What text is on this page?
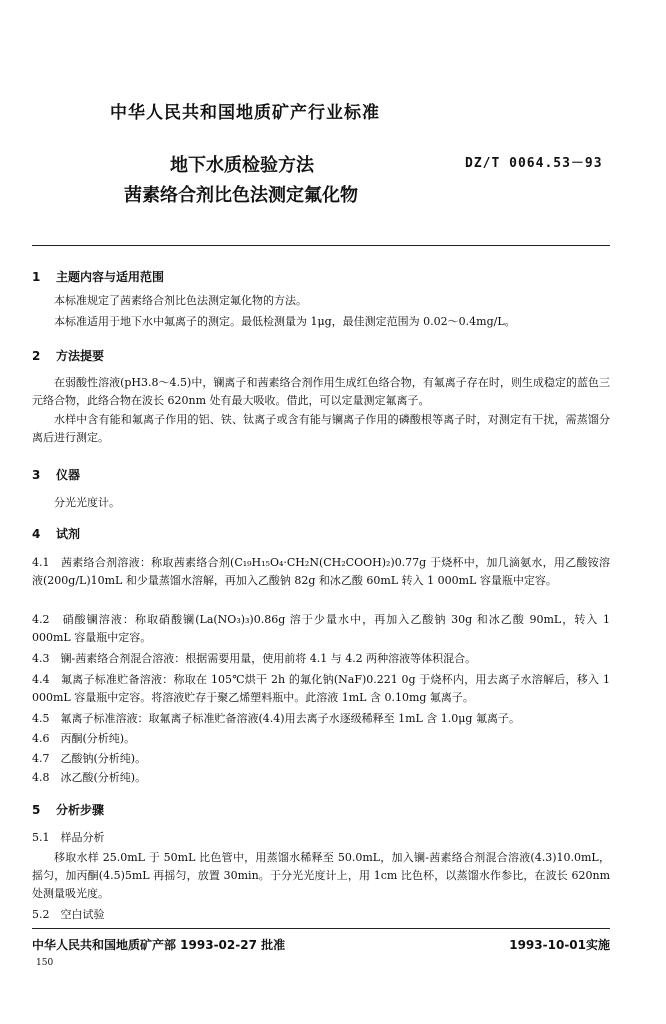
中华人民共和国地质矿产行业标准
地下水质检验方法
茜素络合剂比色法测定氟化物
DZ/T 0064.53－93
1 主题内容与适用范围
本标准规定了茜素络合剂比色法测定氟化物的方法。
本标准适用于地下水中氟离子的测定。最低检测量为 1μg，最佳测定范围为 0.02～0.4mg/L。
2 方法提要
在弱酸性溶液(pH3.8～4.5)中，镧离子和茜素络合剂作用生成红色络合物，有氟离子存在时，则生成稳定的蓝色三元络合物，此络合物在波长 620nm 处有最大吸收。借此，可以定量测定氟离子。
水样中含有能和氟离子作用的铝、铁、钛离子或含有能与镧离子作用的磷酸根等离子时，对测定有干扰，需蒸馏分离后进行测定。
3 仪器
分光光度计。
4 试剂
4.1　茜素络合剂溶液：称取茜素络合剂(C₁₉H₁₅O₄·CH₂N(CH₂COOH)₂)0.77g 于烧杯中，加几滴氨水，用乙酸铵溶液(200g/L)10mL 和少量蒸馏水溶解，再加入乙酸钠 82g 和冰乙酸 60mL 转入 1 000mL 容量瓶中定容。
4.2　硝酸镧溶液：称取硝酸镧(La(NO₃)₃)0.86g 溶于少量水中，再加入乙酸钠 30g 和冰乙酸 90mL，转入 1 000mL 容量瓶中定容。
4.3　镧-茜素络合剂混合溶液：根据需要用量，使用前将 4.1 与 4.2 两种溶液等体积混合。
4.4　氟离子标准贮备溶液：称取在 105℃烘干 2h 的氟化钠(NaF)0.221 0g 于烧杯内，用去离子水溶解后，移入 1 000mL 容量瓶中定容。将溶液贮存于聚乙烯塑料瓶中。此溶液 1mL 含 0.10mg 氟离子。
4.5　氟离子标准溶液：取氟离子标准贮备溶液(4.4)用去离子水逐级稀释至 1mL 含 1.0μg 氟离子。
4.6　丙酮(分析纯)。
4.7　乙酸钠(分析纯)。
4.8　冰乙酸(分析纯)。
5 分析步骤
5.1　样品分析
移取水样 25.0mL 于 50mL 比色管中，用蒸馏水稀释至 50.0mL，加入镧-茜素络合剂混合溶液(4.3)10.0mL，摇匀，加丙酮(4.5)5mL 再摇匀，放置 30min。于分光光度计上，用 1cm 比色杯，以蒸馏水作参比，在波长 620nm 处测量吸光度。
5.2　空白试验
中华人民共和国地质矿产部 1993-02-27 批准	1993-10-01实施
150
